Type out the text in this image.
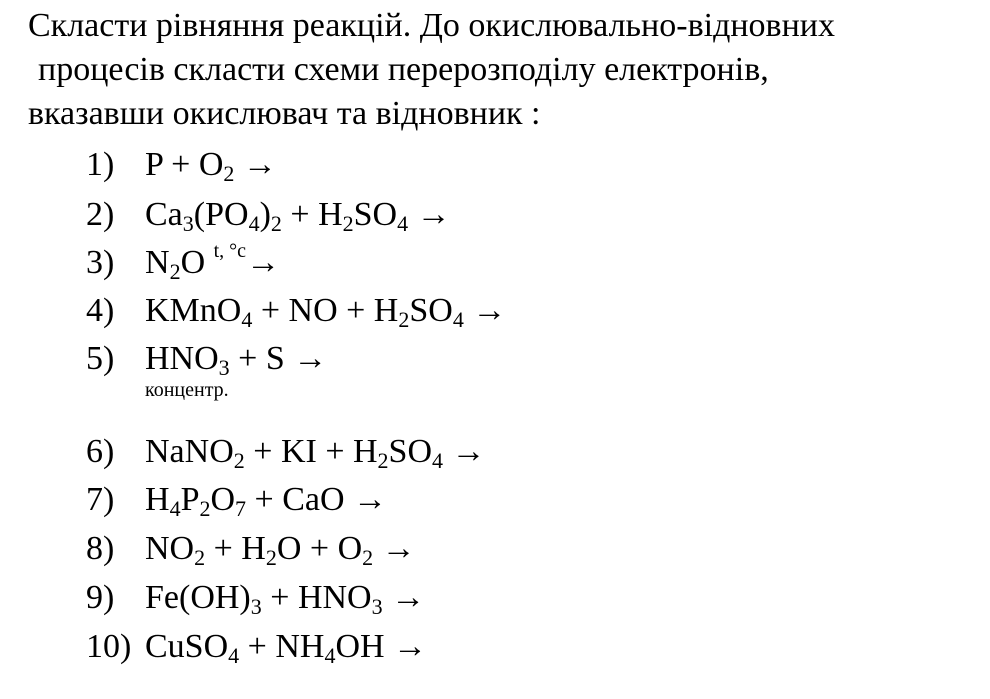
Скласти рівняння реакцій. До окислювально-відновних
процесів скласти схеми перерозподілу електронів,
вказавши окислювач та відновник :
1) $P + O_2$ →
2) $Ca_3(PO_4)_2 + H_2SO_4$ →
3) $N_2O$ $^{t, ^\circ c}$→
4) KMnO$_4$ + NO + $H_2SO_4$ →
5) $HNO_3 + S$ →
концентр.
6) NaNO$_2$ + KI + $H_2SO_4$ →
7) $H_4P_2O_7$ + CaO →
8) $NO_2 + H_2O + O_2$ →
9) $Fe(OH)_3 + HNO_3$ →
10) CuSO$_4$ + $NH_4OH$ →
